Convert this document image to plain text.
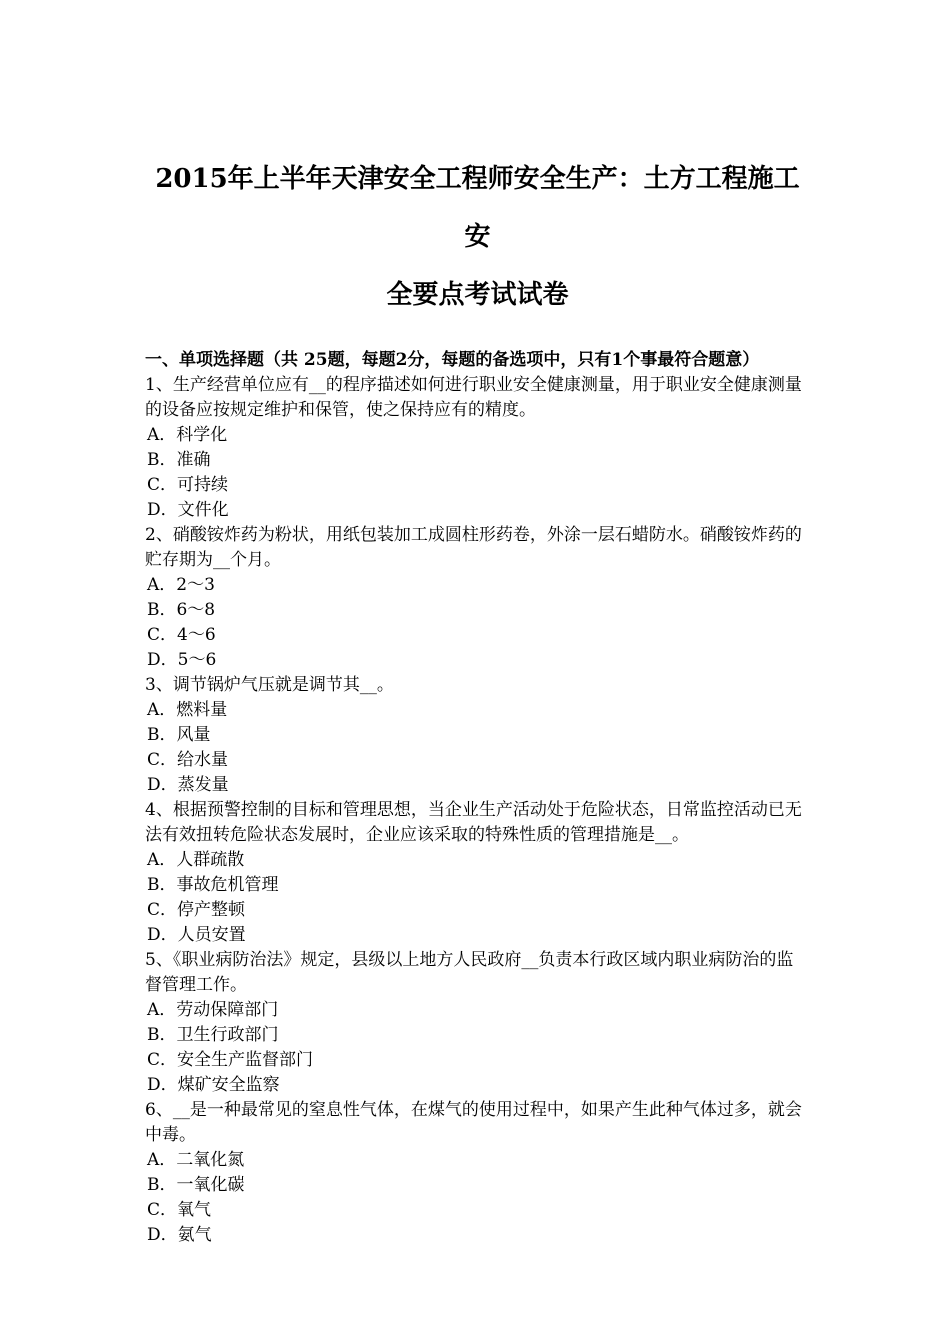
2015年上半年天津安全工程师安全生产：土方工程施工安
全要点考试试卷
一、单项选择题（共 25题，每题2分，每题的备选项中，只有1个事最符合题意）
1、生产经营单位应有__的程序描述如何进行职业安全健康测量，用于职业安全健康测量的设备应按规定维护和保管，使之保持应有的精度。
A．科学化
B．准确
C．可持续
D．文件化
2、硝酸铵炸药为粉状，用纸包装加工成圆柱形药卷，外涂一层石蜡防水。硝酸铵炸药的贮存期为__个月。
A．2～3
B．6～8
C．4～6
D．5～6
3、调节锅炉气压就是调节其__。
A．燃料量
B．风量
C．给水量
D．蒸发量
4、根据预警控制的目标和管理思想，当企业生产活动处于危险状态，日常监控活动已无法有效扭转危险状态发展时，企业应该采取的特殊性质的管理措施是__。
A．人群疏散
B．事故危机管理
C．停产整顿
D．人员安置
5、《职业病防治法》规定，县级以上地方人民政府__负责本行政区域内职业病防治的监督管理工作。
A．劳动保障部门
B．卫生行政部门
C．安全生产监督部门
D．煤矿安全监察
6、__是一种最常见的窒息性气体，在煤气的使用过程中，如果产生此种气体过多，就会中毒。
A．二氧化氮
B．一氧化碳
C．氧气
D．氨气
